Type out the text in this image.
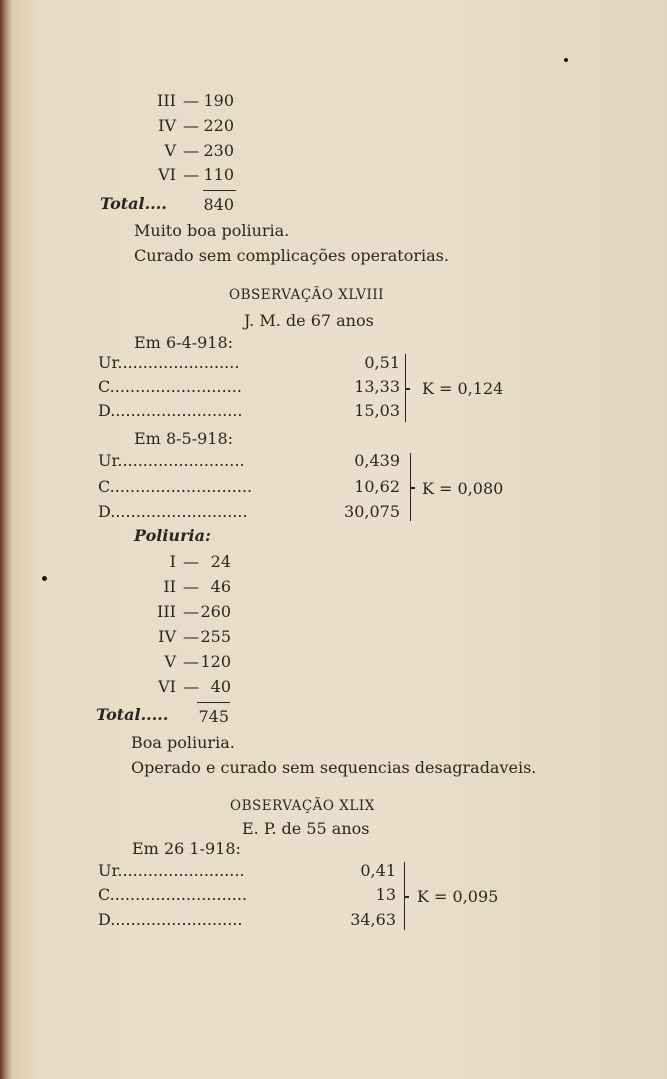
III — 190
IV — 220
V — 230
VI — 110
Total....	840
Muito boa poliuria.
Curado sem complicações operatorias.
OBSERVAÇÃO XLVIII
J. M. de 67 anos
Em 6-4-918:
Ur........................	0,51
C..........................	13,33
D..........................	15,03
K = 0,124
Em 8-5-918:
Ur.........................	0,439
C............................	10,62
D...........................	30,075
K = 0,080
Poliuria:
I — 24
II — 46
III — 260
IV — 255
V — 120
VI — 40
Total.....	745
Boa poliuria.
Operado e curado sem sequencias desagradaveis.
OBSERVAÇÃO XLIX
E. P. de 55 anos
Em 26 1-918:
Ur.........................	0,41
C...........................	13
D..........................	34,63
K = 0,095
